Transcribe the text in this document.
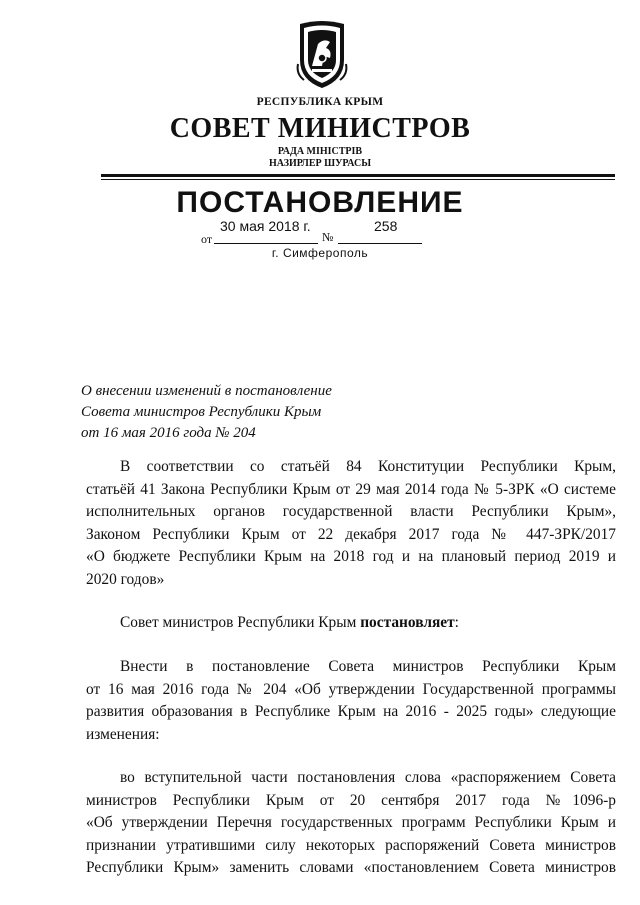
РЕСПУБЛИКА КРЫМ
СОВЕТ МИНИСТРОВ
РАДА МІНІСТРІВ
НАЗИРЛЕР ШУРАСЫ
ПОСТАНОВЛЕНИЕ
30 мая 2018 г.	258
от	№
г. Симферополь
О внесении изменений в постановление
Совета министров Республики Крым
от 16 мая 2016 года № 204
В соответствии со статьёй 84 Конституции Республики Крым,
статьёй 41 Закона Республики Крым от 29 мая 2014 года № 5-ЗРК «О системе
исполнительных органов государственной власти Республики Крым»,
Законом Республики Крым от 22 декабря 2017 года № 447-ЗРК/2017
«О бюджете Республики Крым на 2018 год и на плановый период 2019 и
2020 годов»
Совет министров Республики Крым постановляет:
Внести в постановление Совета министров Республики Крым
от 16 мая 2016 года № 204 «Об утверждении Государственной программы
развития образования в Республике Крым на 2016 - 2025 годы» следующие
изменения:
во вступительной части постановления слова «распоряжением Совета
министров Республики Крым от 20 сентября 2017 года №1096-р
«Об утверждении Перечня государственных программ Республики Крым и
признании утратившими силу некоторых распоряжений Совета министров
Республики Крым» заменить словами «постановлением Совета министров
